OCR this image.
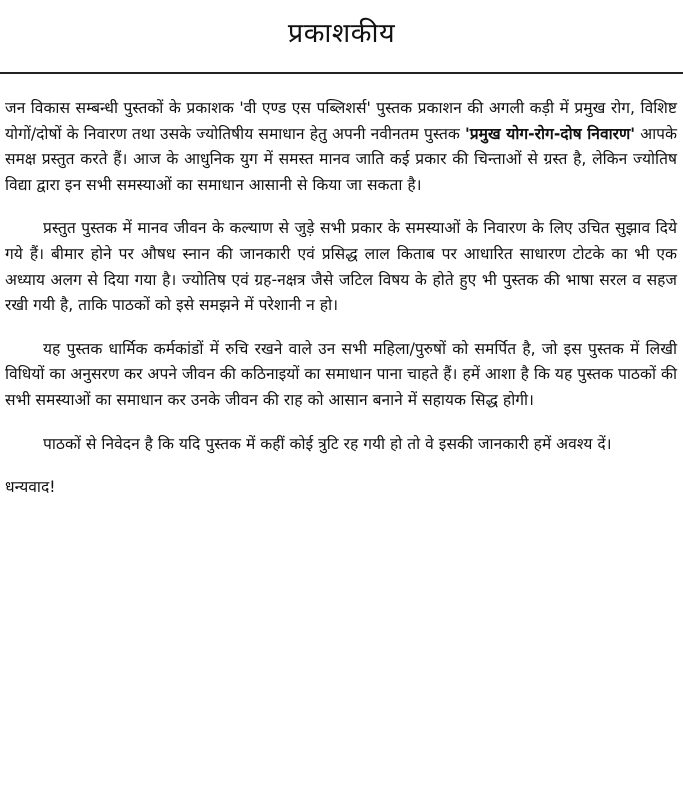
प्रकाशकीय

जन विकास सम्बन्धी पुस्तकों के प्रकाशक 'वी एण्ड एस पब्लिशर्स' पुस्तक प्रकाशन की अगली कड़ी में प्रमुख रोग, विशिष्ट योगों/दोषों के निवारण तथा उसके ज्योतिषीय समाधान हेतु अपनी नवीनतम पुस्तक 'प्रमुख योग-रोग-दोष निवारण' आपके समक्ष प्रस्तुत करते हैं। आज के आधुनिक युग में समस्त मानव जाति कई प्रकार की चिन्ताओं से ग्रस्त है, लेकिन ज्योतिष विद्या द्वारा इन सभी समस्याओं का समाधान आसानी से किया जा सकता है।

प्रस्तुत पुस्तक में मानव जीवन के कल्याण से जुड़े सभी प्रकार के समस्याओं के निवारण के लिए उचित सुझाव दिये गये हैं। बीमार होने पर औषध स्नान की जानकारी एवं प्रसिद्ध लाल किताब पर आधारित साधारण टोटके का भी एक अध्याय अलग से दिया गया है। ज्योतिष एवं ग्रह-नक्षत्र जैसे जटिल विषय के होते हुए भी पुस्तक की भाषा सरल व सहज रखी गयी है, ताकि पाठकों को इसे समझने में परेशानी न हो।

यह पुस्तक धार्मिक कर्मकांडों में रुचि रखने वाले उन सभी महिला/पुरुषों को समर्पित है, जो इस पुस्तक में लिखी विधियों का अनुसरण कर अपने जीवन की कठिनाइयों का समाधान पाना चाहते हैं। हमें आशा है कि यह पुस्तक पाठकों की सभी समस्याओं का समाधान कर उनके जीवन की राह को आसान बनाने में सहायक सिद्ध होगी।

पाठकों से निवेदन है कि यदि पुस्तक में कहीं कोई त्रुटि रह गयी हो तो वे इसकी जानकारी हमें अवश्य दें।

धन्यवाद!
